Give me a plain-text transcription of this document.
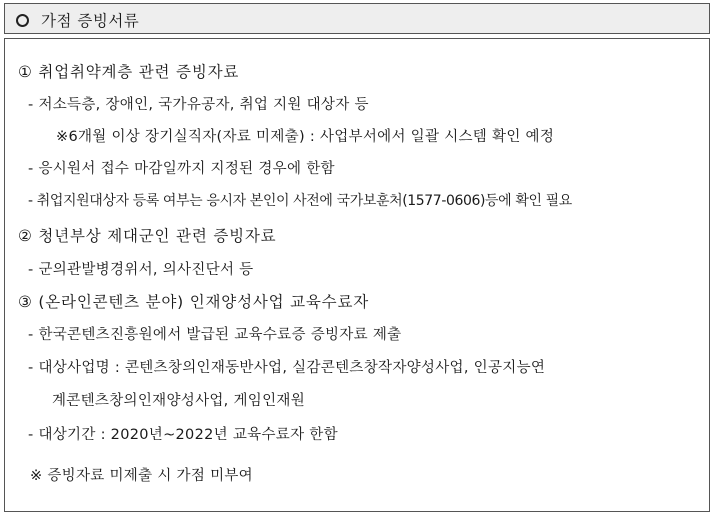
가점 증빙서류
① 취업취약계층 관련 증빙자료
- 저소득층, 장애인, 국가유공자, 취업 지원 대상자 등
※6개월 이상 장기실직자(자료 미제출) : 사업부서에서 일괄 시스템 확인 예정
- 응시원서 접수 마감일까지 지정된 경우에 한함
- 취업지원대상자 등록 여부는 응시자 본인이 사전에 국가보훈처(1577-0606)등에 확인 필요
② 청년부상 제대군인 관련 증빙자료
- 군의관발병경위서, 의사진단서 등
③ (온라인콘텐츠 분야) 인재양성사업 교육수료자
- 한국콘텐츠진흥원에서 발급된 교육수료증 증빙자료 제출
- 대상사업명 : 콘텐츠창의인재동반사업, 실감콘텐츠창작자양성사업, 인공지능연
계콘텐츠창의인재양성사업, 게임인재원
- 대상기간 : 2020년~2022년 교육수료자 한함
※ 증빙자료 미제출 시 가점 미부여
